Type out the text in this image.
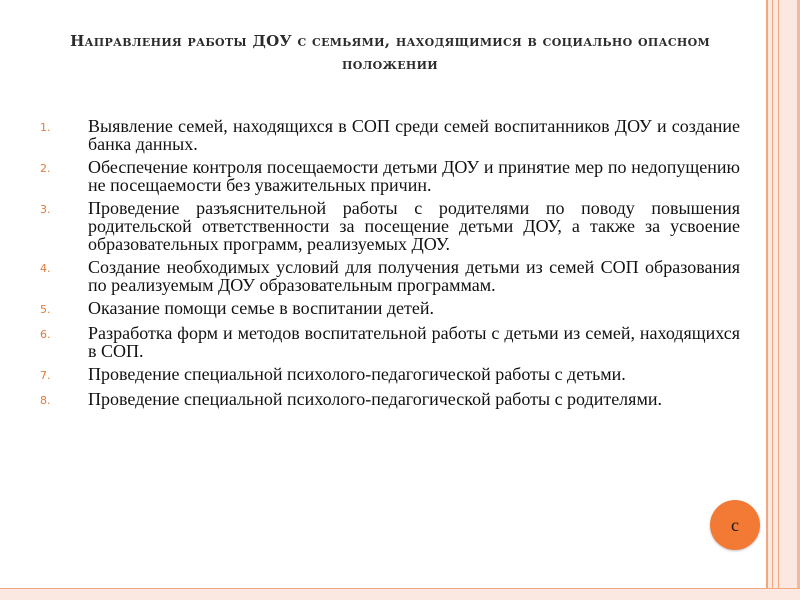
Направления работы ДОУ с семьями, находящимися в социально опасном положении
1.	Выявление семей, находящихся в СОП среди семей воспитанников ДОУ и создание банка данных.
2.	Обеспечение контроля посещаемости детьми ДОУ и принятие мер по недопущению не посещаемости без уважительных причин.
3.	Проведение разъяснительной работы с родителями по поводу повышения родительской ответственности за посещение детьми ДОУ, а также за усвоение образовательных программ, реализуемых ДОУ.
4.	Создание необходимых условий для получения детьми из семей СОП образования по реализуемым ДОУ образовательным программам.
5.	Оказание помощи семье в воспитании детей.
6.	Разработка форм и методов воспитательной работы с детьми из семей, находящихся в СОП.
7.	Проведение специальной психолого-педагогической работы с детьми.
8.	Проведение специальной психолого-педагогической работы с родителями.
с
